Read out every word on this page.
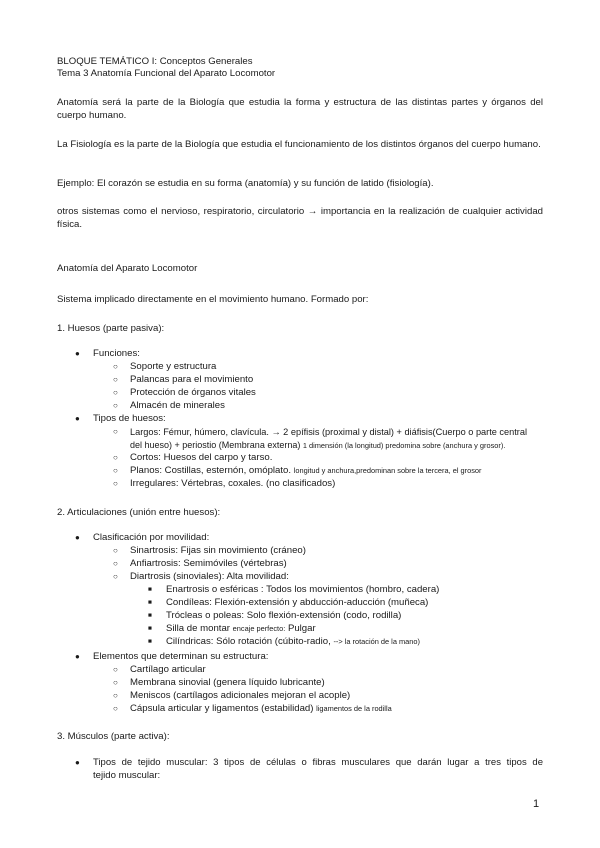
BLOQUE TEMÁTICO I: Conceptos Generales
Tema 3 Anatomía Funcional del Aparato Locomotor
Anatomía será la parte de la Biología que estudia la forma y estructura de las distintas partes y órganos del cuerpo humano.
La Fisiología es la parte de la Biología que estudia el funcionamiento de los distintos órganos del cuerpo humano.
Ejemplo: El corazón se estudia en su forma (anatomía) y su función de latido (fisiología).
otros sistemas como el nervioso, respiratorio, circulatorio → importancia en la realización de cualquier actividad física.
Anatomía del Aparato Locomotor
Sistema implicado directamente en el movimiento humano. Formado por:
1. Huesos (parte pasiva):
● Funciones:
○ Soporte y estructura
○ Palancas para el movimiento
○ Protección de órganos vitales
○ Almacén de minerales
● Tipos de huesos:
○ Largos: Fémur, húmero, clavícula. → 2 epífisis (proximal y distal) + diáfisis(Cuerpo o parte central
del hueso) + periostio (Membrana externa) 1 dimensión (la longitud) predomina sobre (anchura y grosor).
○ Cortos: Huesos del carpo y tarso.
○ Planos: Costillas, esternón, omóplato. longitud y anchura,predominan sobre la tercera, el grosor
○ Irregulares: Vértebras, coxales. (no clasificados)
2. Articulaciones (unión entre huesos):
● Clasificación por movilidad:
○ Sinartrosis: Fijas sin movimiento (cráneo)
○ Anfiartrosis: Semimóviles (vértebras)
○ Diartrosis (sinoviales): Alta movilidad:
■ Enartrosis o esféricas : Todos los movimientos (hombro, cadera)
■ Condíleas: Flexión-extensión y abducción-aducción (muñeca)
■ Trócleas o poleas: Solo flexión-extensión (codo, rodilla)
■ Silla de montar encaje perfecto: Pulgar
■ Cilíndricas: Sólo rotación (cúbito-radio, --> la rotación de la mano)
● Elementos que determinan su estructura:
○ Cartílago articular
○ Membrana sinovial (genera líquido lubricante)
○ Meniscos (cartílagos adicionales mejoran el acople)
○ Cápsula articular y ligamentos (estabilidad) ligamentos de la rodilla
3. Músculos (parte activa):
● Tipos de tejido muscular: 3 tipos de células o fibras musculares que darán lugar a tres tipos de
tejido muscular:
1
